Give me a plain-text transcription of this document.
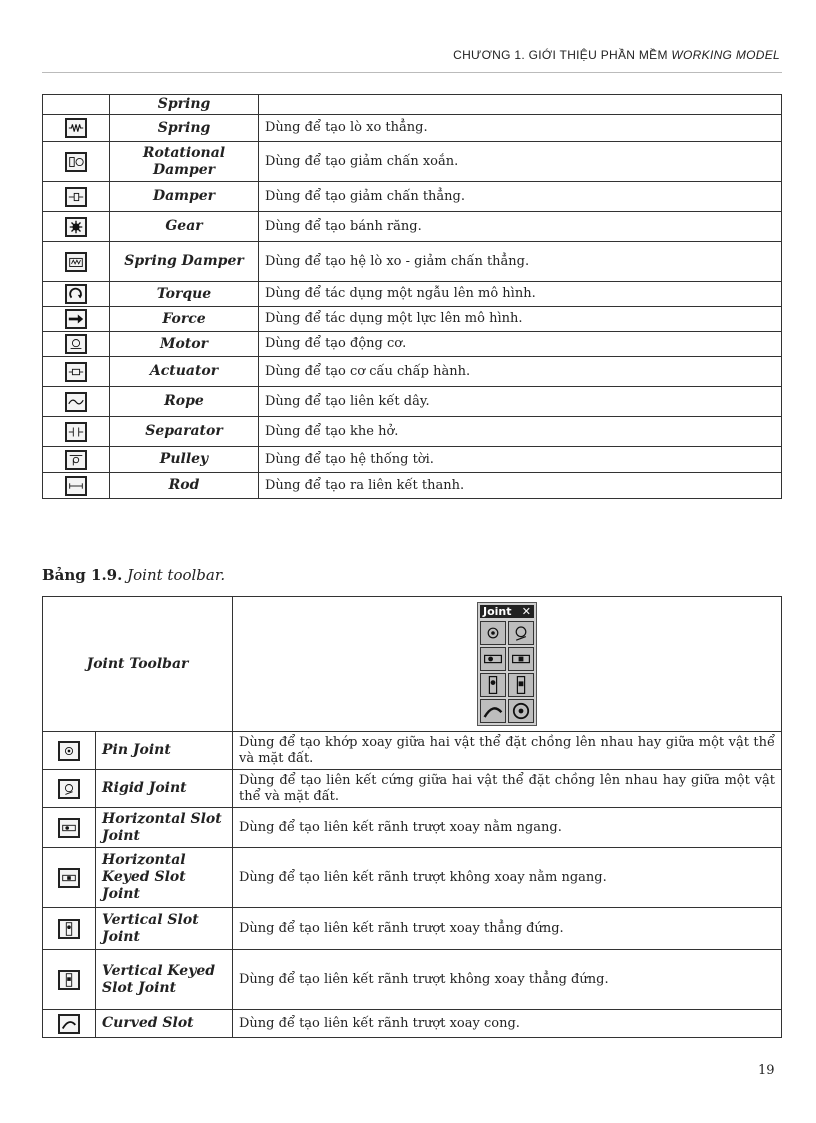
CHƯƠNG 1. GIỚI THIỆU PHẦN MỀM WORKING MODEL
	Spring	

	Spring	Dùng để tạo lò xo thẳng.

	Rotational Damper	Dùng để tạo giảm chấn xoắn.

	Damper	Dùng để tạo giảm chấn thẳng.

	Gear	Dùng để tạo bánh răng.

	Spring Damper	Dùng để tạo hệ lò xo - giảm chấn thẳng.

	Torque	Dùng để tác dụng một ngẫu lên mô hình.

	Force	Dùng để tác dụng một lực lên mô hình.

	Motor	Dùng để tạo động cơ.

	Actuator	Dùng để tạo cơ cấu chấp hành.

	Rope	Dùng để tạo liên kết dây.

	Separator	Dùng để tạo khe hở.

	Pulley	Dùng để tạo hệ thống tời.

	Rod	Dùng để tạo ra liên kết thanh.
Bảng 1.9. Joint toolbar.
Joint Toolbar		Joint ✕

	Pin Joint	Dùng để tạo khớp xoay giữa hai vật thể đặt chồng lên nhau hay giữa một vật thể và mặt đất.

	Rigid Joint	Dùng để tạo liên kết cứng giữa hai vật thể đặt chồng lên nhau hay giữa một vật thể và mặt đất.

	Horizontal Slot Joint	Dùng để tạo liên kết rãnh trượt xoay nằm ngang.

	Horizontal Keyed Slot Joint	Dùng để tạo liên kết rãnh trượt không xoay nằm ngang.

	Vertical Slot Joint	Dùng để tạo liên kết rãnh trượt xoay thẳng đứng.

	Vertical Keyed Slot Joint	Dùng để tạo liên kết rãnh trượt không xoay thẳng đứng.

	Curved Slot	Dùng để tạo liên kết rãnh trượt xoay cong.
19
